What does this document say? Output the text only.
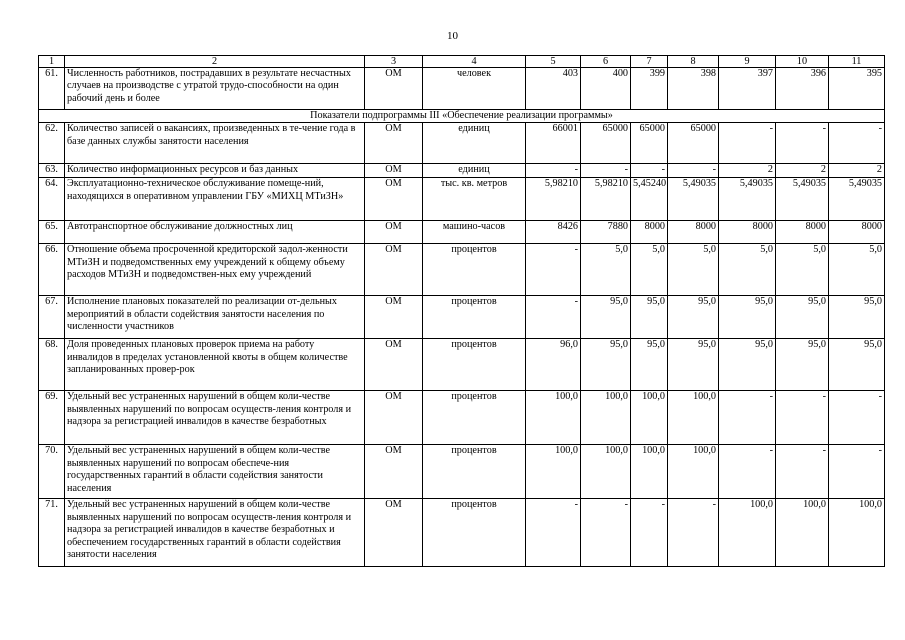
10
1	2	3	4	5	6	7	8	9	10	11
61.	Численность работников, пострадавших в результате несчастных случаев на производстве с утратой трудо-способности на один рабочий день и более	ОМ	человек	403	400	399	398	397	396	395
Показатели подпрограммы III «Обеспечение реализации программы»										
62.	Количество записей о вакансиях, произведенных в те-чение года в базе данных службы занятости населения	ОМ	единиц	66001	65000	65000	65000	-	-	-
63.	Количество информационных ресурсов и баз данных	ОМ	единиц	-	-	-	-	2	2	2
64.	Эксплуатационно-техническое обслуживание помеще-ний, находящихся в оперативном управлении ГБУ «МИХЦ МТиЗН»	ОМ	тыс. кв. метров	5,98210	5,98210	5,45240	5,49035	5,49035	5,49035	5,49035
65.	Автотранспортное обслуживание должностных лиц	ОМ	машино-часов	8426	7880	8000	8000	8000	8000	8000
66.	Отношение объема просроченной кредиторской задол-женности МТиЗН и подведомственных ему учреждений к общему объему расходов МТиЗН и подведомствен-ных ему учреждений	ОМ	процентов	-	5,0	5,0	5,0	5,0	5,0	5,0
67.	Исполнение плановых показателей по реализации от-дельных мероприятий в области содействия занятости населения по численности участников	ОМ	процентов	-	95,0	95,0	95,0	95,0	95,0	95,0
68.	Доля проведенных плановых проверок приема на работу инвалидов в пределах установленной квоты в общем количестве запланированных провер-рок	ОМ	процентов	96,0	95,0	95,0	95,0	95,0	95,0	95,0
69.	Удельный вес устраненных нарушений в общем коли-честве выявленных нарушений по вопросам осуществ-ления контроля и надзора за регистрацией инвалидов в качестве безработных	ОМ	процентов	100,0	100,0	100,0	100,0	-	-	-
70.	Удельный вес устраненных нарушений в общем коли-честве выявленных нарушений по вопросам обеспече-ния государственных гарантий в области содействия занятости населения	ОМ	процентов	100,0	100,0	100,0	100,0	-	-	-
71.	Удельный вес устраненных нарушений в общем коли-честве выявленных нарушений по вопросам осуществ-ления контроля и надзора за регистрацией инвалидов в качестве безработных и обеспечением государственных гарантий в области содействия занятости населения	ОМ	процентов	-	-	-	-	100,0	100,0	100,0
